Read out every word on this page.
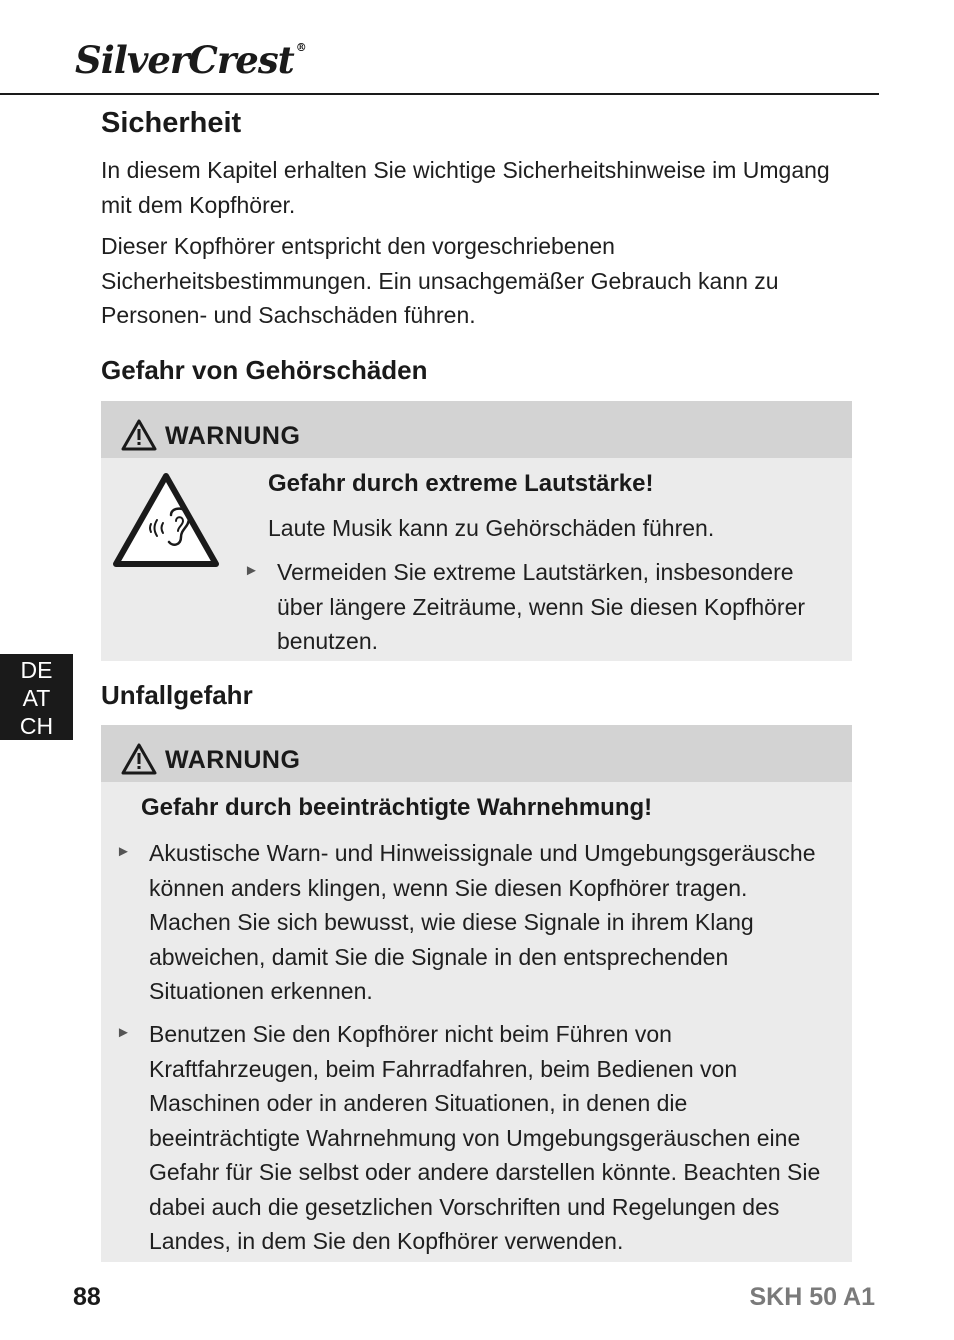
SilverCrest ®
Sicherheit

In diesem Kapitel erhalten Sie wichtige Sicherheitshinweise im Umgang mit dem Kopfhörer.

Dieser Kopfhörer entspricht den vorgeschriebenen Sicherheitsbestimmungen. Ein unsachgemäßer Gebrauch kann zu Personen- und Sachschäden führen.

Gefahr von Gehörschäden
WARNUNG

Gefahr durch extreme Lautstärke!

Laute Musik kann zu Gehörschäden führen.

► Vermeiden Sie extreme Lautstärken, insbesondere über längere Zeiträume, wenn Sie diesen Kopfhörer benutzen.

Unfallgefahr
WARNUNG

Gefahr durch beeinträchtigte Wahrnehmung!

► Akustische Warn- und Hinweissignale und Umgebungsgeräusche können anders klingen, wenn Sie diesen Kopfhörer tragen. Machen Sie sich bewusst, wie diese Signale in ihrem Klang abweichen, damit Sie die Signale in den entsprechenden Situationen erkennen.

► Benutzen Sie den Kopfhörer nicht beim Führen von Kraftfahrzeugen, beim Fahrradfahren, beim Bedienen von Maschinen oder in anderen Situationen, in denen die beeinträchtigte Wahrnehmung von Umgebungsgeräuschen eine Gefahr für Sie selbst oder andere darstellen könnte. Beachten Sie dabei auch die gesetzlichen Vorschriften und Regelungen des Landes, in dem Sie den Kopfhörer verwenden.

DE
AT
CH
88	SKH 50 A1
